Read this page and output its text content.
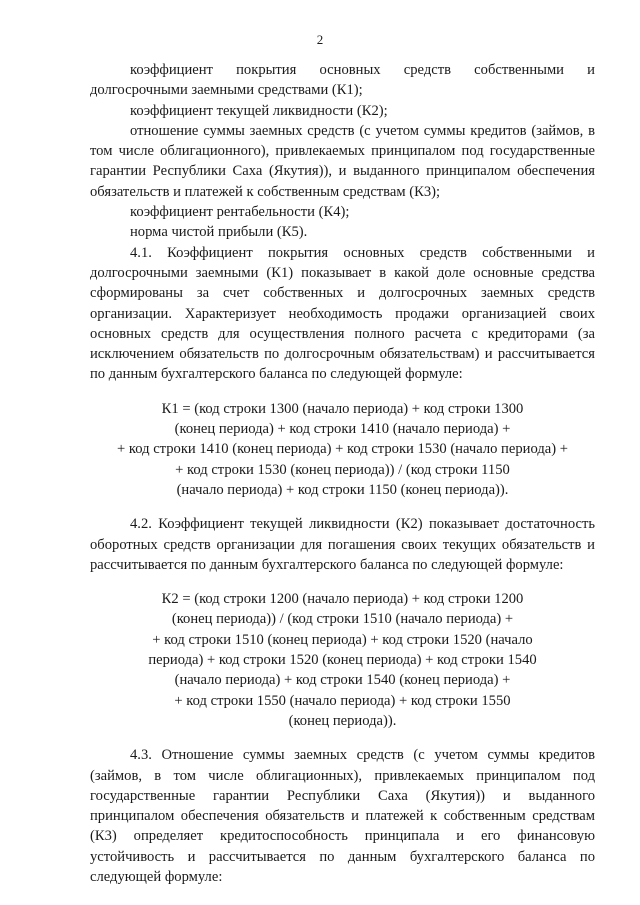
2

коэффициент покрытия основных средств собственными и долгосрочными заемными средствами (К1);

коэффициент текущей ликвидности (К2);

отношение суммы заемных средств (с учетом суммы кредитов (займов, в том числе облигационного), привлекаемых принципалом под государственные гарантии Республики Саха (Якутия)), и выданного принципалом обеспечения обязательств и платежей к собственным средствам (К3);

коэффициент рентабельности (К4);

норма чистой прибыли (К5).

4.1. Коэффициент покрытия основных средств собственными и долгосрочными заемными (К1) показывает в какой доле основные средства сформированы за счет собственных и долгосрочных заемных средств организации. Характеризует необходимость продажи организацией своих основных средств для осуществления полного расчета с кредиторами (за исключением обязательств по долгосрочным обязательствам) и рассчитывается по данным бухгалтерского баланса по следующей формуле:

К1 = (код строки 1300 (начало периода) + код строки 1300
(конец периода) + код строки 1410 (начало периода) +
+ код строки 1410 (конец периода) + код строки 1530 (начало периода) +
+ код строки 1530 (конец периода)) / (код строки 1150
(начало периода) + код строки 1150 (конец периода)).

4.2. Коэффициент текущей ликвидности (К2) показывает достаточность оборотных средств организации для погашения своих текущих обязательств и рассчитывается по данным бухгалтерского баланса по следующей формуле:

К2 = (код строки 1200 (начало периода) + код строки 1200
(конец периода)) / (код строки 1510 (начало периода) +
+ код строки 1510 (конец периода) + код строки 1520 (начало
периода) + код строки 1520 (конец периода) + код строки 1540
(начало периода) + код строки 1540 (конец периода) +
+ код строки 1550 (начало периода) + код строки 1550
(конец периода)).

4.3. Отношение суммы заемных средств (с учетом суммы кредитов (займов, в том числе облигационных), привлекаемых принципалом под государственные гарантии Республики Саха (Якутия)) и выданного принципалом обеспечения обязательств и платежей к собственным средствам (К3) определяет кредитоспособность принципала и его финансовую устойчивость и рассчитывается по данным бухгалтерского баланса по следующей формуле:
